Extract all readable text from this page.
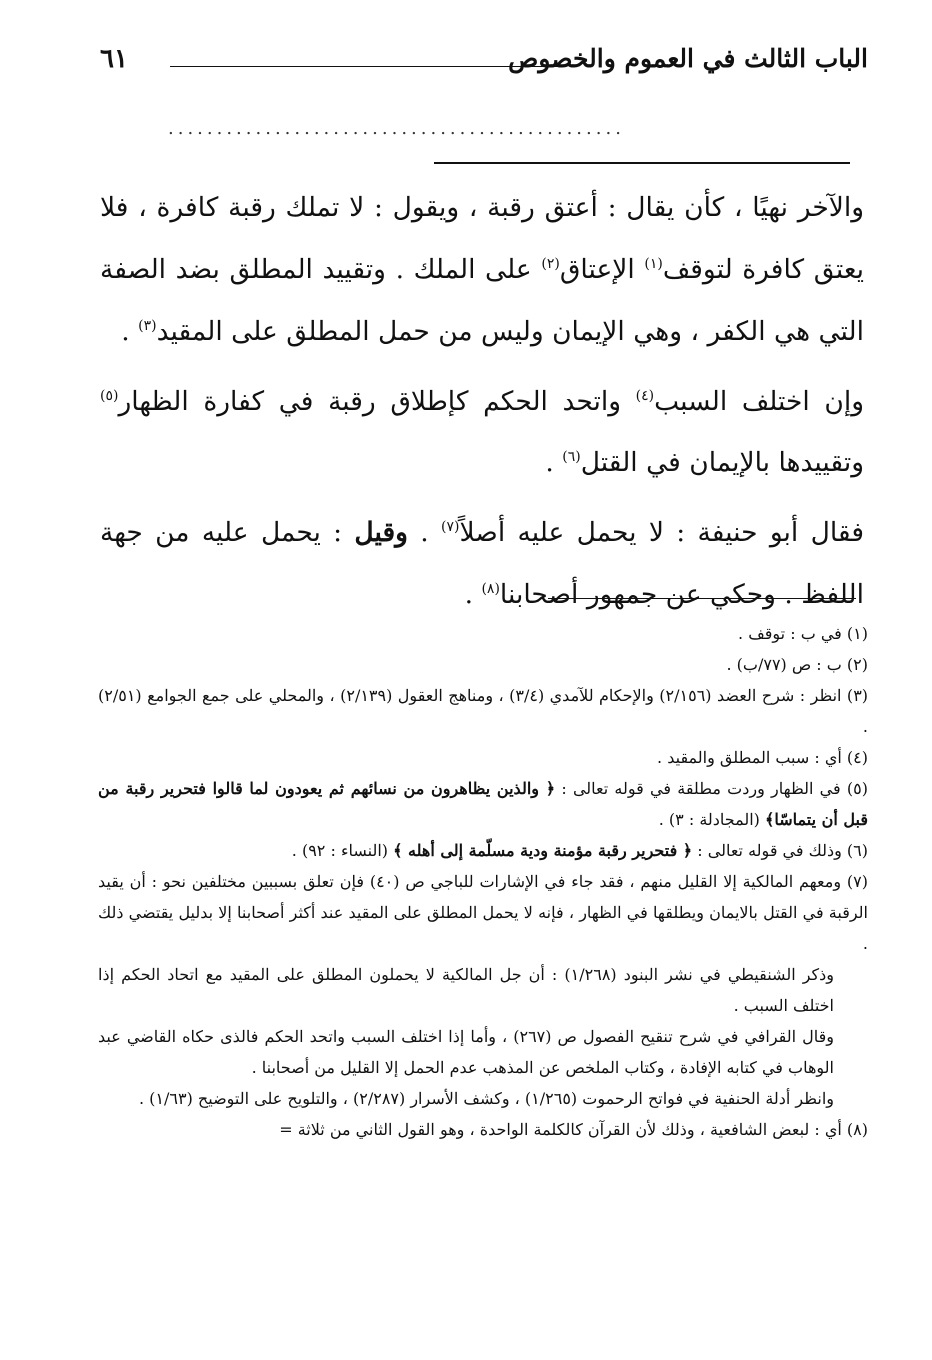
الباب الثالث في العموم والخصوص
٦١
...............................................

والآخر نهيًا ، كأن يقال : أعتق رقبة ، ويقول : لا تملك رقبة كافرة ، فلا يعتق كافرة لتوقف$^{(١)}$ الإعتاق$^{(٢)}$ على الملك . وتقييد المطلق بضد الصفة التي هي الكفر ، وهي الإيمان وليس من حمل المطلق على المقيد$^{(٣)}$ .

وإن اختلف السبب$^{(٤)}$ واتحد الحكم كإطلاق رقبة في كفارة الظهار$^{(٥)}$ وتقييدها بالإيمان في القتل$^{(٦)}$ .

فقال أبو حنيفة : لا يحمل عليه أصلاً$^{(٧)}$ . وقيل : يحمل عليه من جهة اللفظ . وحكي عن جمهور أصحابنا$^{(٨)}$ .

(١) في ب : توقف .

(٢) ب : ص (٧٧/ب) .

(٣) انظر : شرح العضد (٢/١٥٦) والإحكام للآمدي (٣/٤) ، ومناهج العقول (٢/١٣٩) ، والمحلي على جمع الجوامع (٢/٥١) .

(٤) أي : سبب المطلق والمقيد .

(٥) في الظهار وردت مطلقة في قوله تعالى : ﴿ والذين يظاهرون من نسائهم ثم يعودون لما قالوا فتحرير رقبة من قبل أن يتماسّا﴾ (المجادلة : ٣) .

(٦) وذلك في قوله تعالى : ﴿ فتحرير رقبة مؤمنة ودية مسلّمة إلى أهله ﴾ (النساء : ٩٢) .

(٧) ومعهم المالكية إلا القليل منهم ، فقد جاء في الإشارات للباجي ص (٤٠) فإن تعلق بسببين مختلفين نحو : أن يقيد الرقبة في القتل بالايمان ويطلقها في الظهار ، فإنه لا يحمل المطلق على المقيد عند أكثر أصحابنا إلا بدليل يقتضي ذلك .

وذكر الشنقيطي في نشر البنود (١/٢٦٨) : أن جل المالكية لا يحملون المطلق على المقيد مع اتحاد الحكم إذا اختلف السبب .

وقال القرافي في شرح تنقيح الفصول ص (٢٦٧) ، وأما إذا اختلف السبب واتحد الحكم فالذى حكاه القاضي عبد الوهاب في كتابه الإفادة ، وكتاب الملخص عن المذهب عدم الحمل إلا القليل من أصحابنا .

وانظر أدلة الحنفية في فواتح الرحموت (١/٢٦٥) ، وكشف الأسرار (٢/٢٨٧) ، والتلويح على التوضيح (١/٦٣) .

(٨) أي : لبعض الشافعية ، وذلك لأن القرآن كالكلمة الواحدة ، وهو القول الثاني من ثلاثة =
